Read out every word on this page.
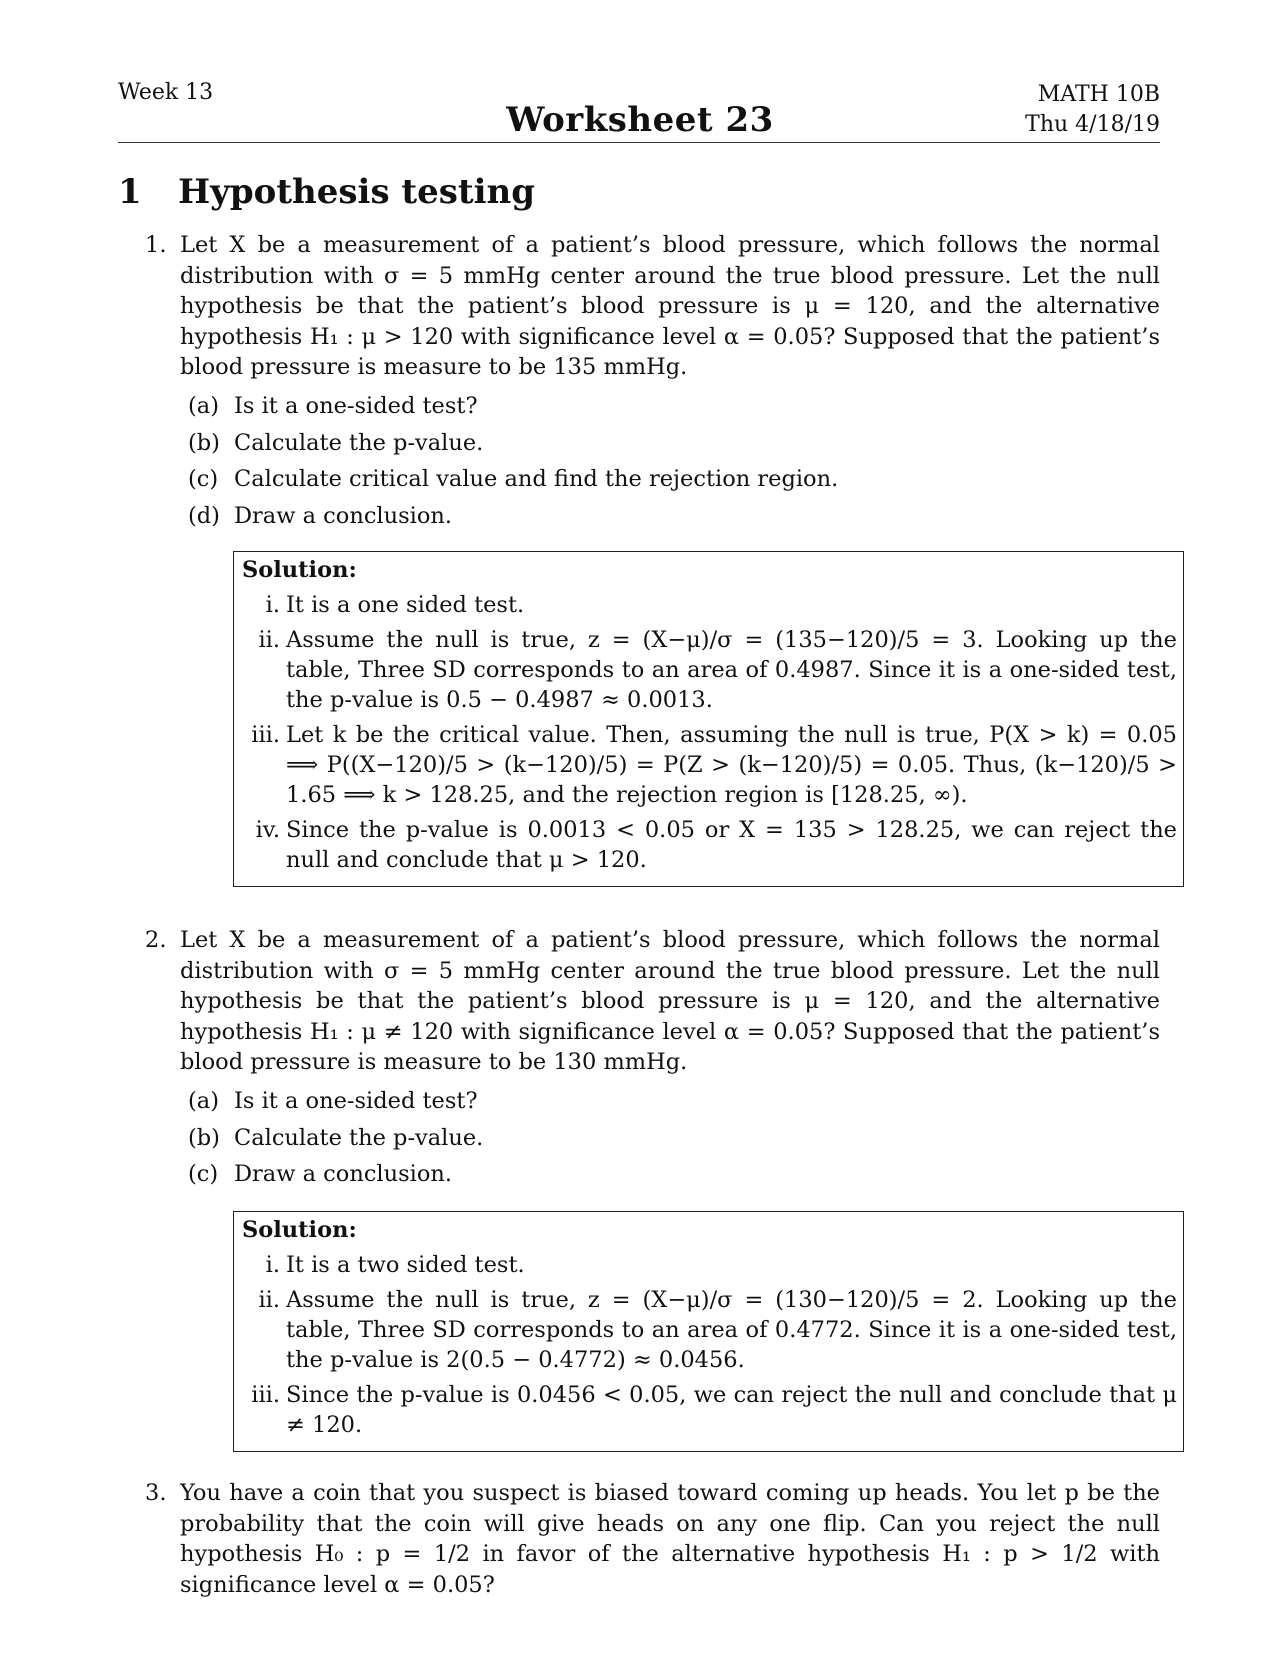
Week 13
Worksheet 23
MATH 10B
Thu 4/18/19
1 Hypothesis testing
1. Let X be a measurement of a patient’s blood pressure, which follows the normal distribution with σ = 5 mmHg center around the true blood pressure. Let the null hypothesis be that the patient’s blood pressure is μ = 120, and the alternative hypothesis H₁ : μ > 120 with significance level α = 0.05? Supposed that the patient’s blood pressure is measure to be 135 mmHg.
(a) Is it a one-sided test?
(b) Calculate the p-value.
(c) Calculate critical value and find the rejection region.
(d) Draw a conclusion.
Solution:
i. It is a one sided test.
ii. Assume the null is true, z = (X−μ)/σ = (135−120)/5 = 3. Looking up the table, Three SD corresponds to an area of 0.4987. Since it is a one-sided test, the p-value is 0.5 − 0.4987 ≈ 0.0013.
iii. Let k be the critical value. Then, assuming the null is true, P(X > k) = 0.05 ⟹ P((X−120)/5 > (k−120)/5) = P(Z > (k−120)/5) = 0.05. Thus, (k−120)/5 > 1.65 ⟹ k > 128.25, and the rejection region is [128.25, ∞).
iv. Since the p-value is 0.0013 < 0.05 or X = 135 > 128.25, we can reject the null and conclude that μ > 120.
2. Let X be a measurement of a patient’s blood pressure, which follows the normal distribution with σ = 5 mmHg center around the true blood pressure. Let the null hypothesis be that the patient’s blood pressure is μ = 120, and the alternative hypothesis H₁ : μ ≠ 120 with significance level α = 0.05? Supposed that the patient’s blood pressure is measure to be 130 mmHg.
(a) Is it a one-sided test?
(b) Calculate the p-value.
(c) Draw a conclusion.
Solution:
i. It is a two sided test.
ii. Assume the null is true, z = (X−μ)/σ = (130−120)/5 = 2. Looking up the table, Three SD corresponds to an area of 0.4772. Since it is a one-sided test, the p-value is 2(0.5 − 0.4772) ≈ 0.0456.
iii. Since the p-value is 0.0456 < 0.05, we can reject the null and conclude that μ ≠ 120.
3. You have a coin that you suspect is biased toward coming up heads. You let p be the probability that the coin will give heads on any one flip. Can you reject the null hypothesis H₀ : p = 1/2 in favor of the alternative hypothesis H₁ : p > 1/2 with significance level α = 0.05?
